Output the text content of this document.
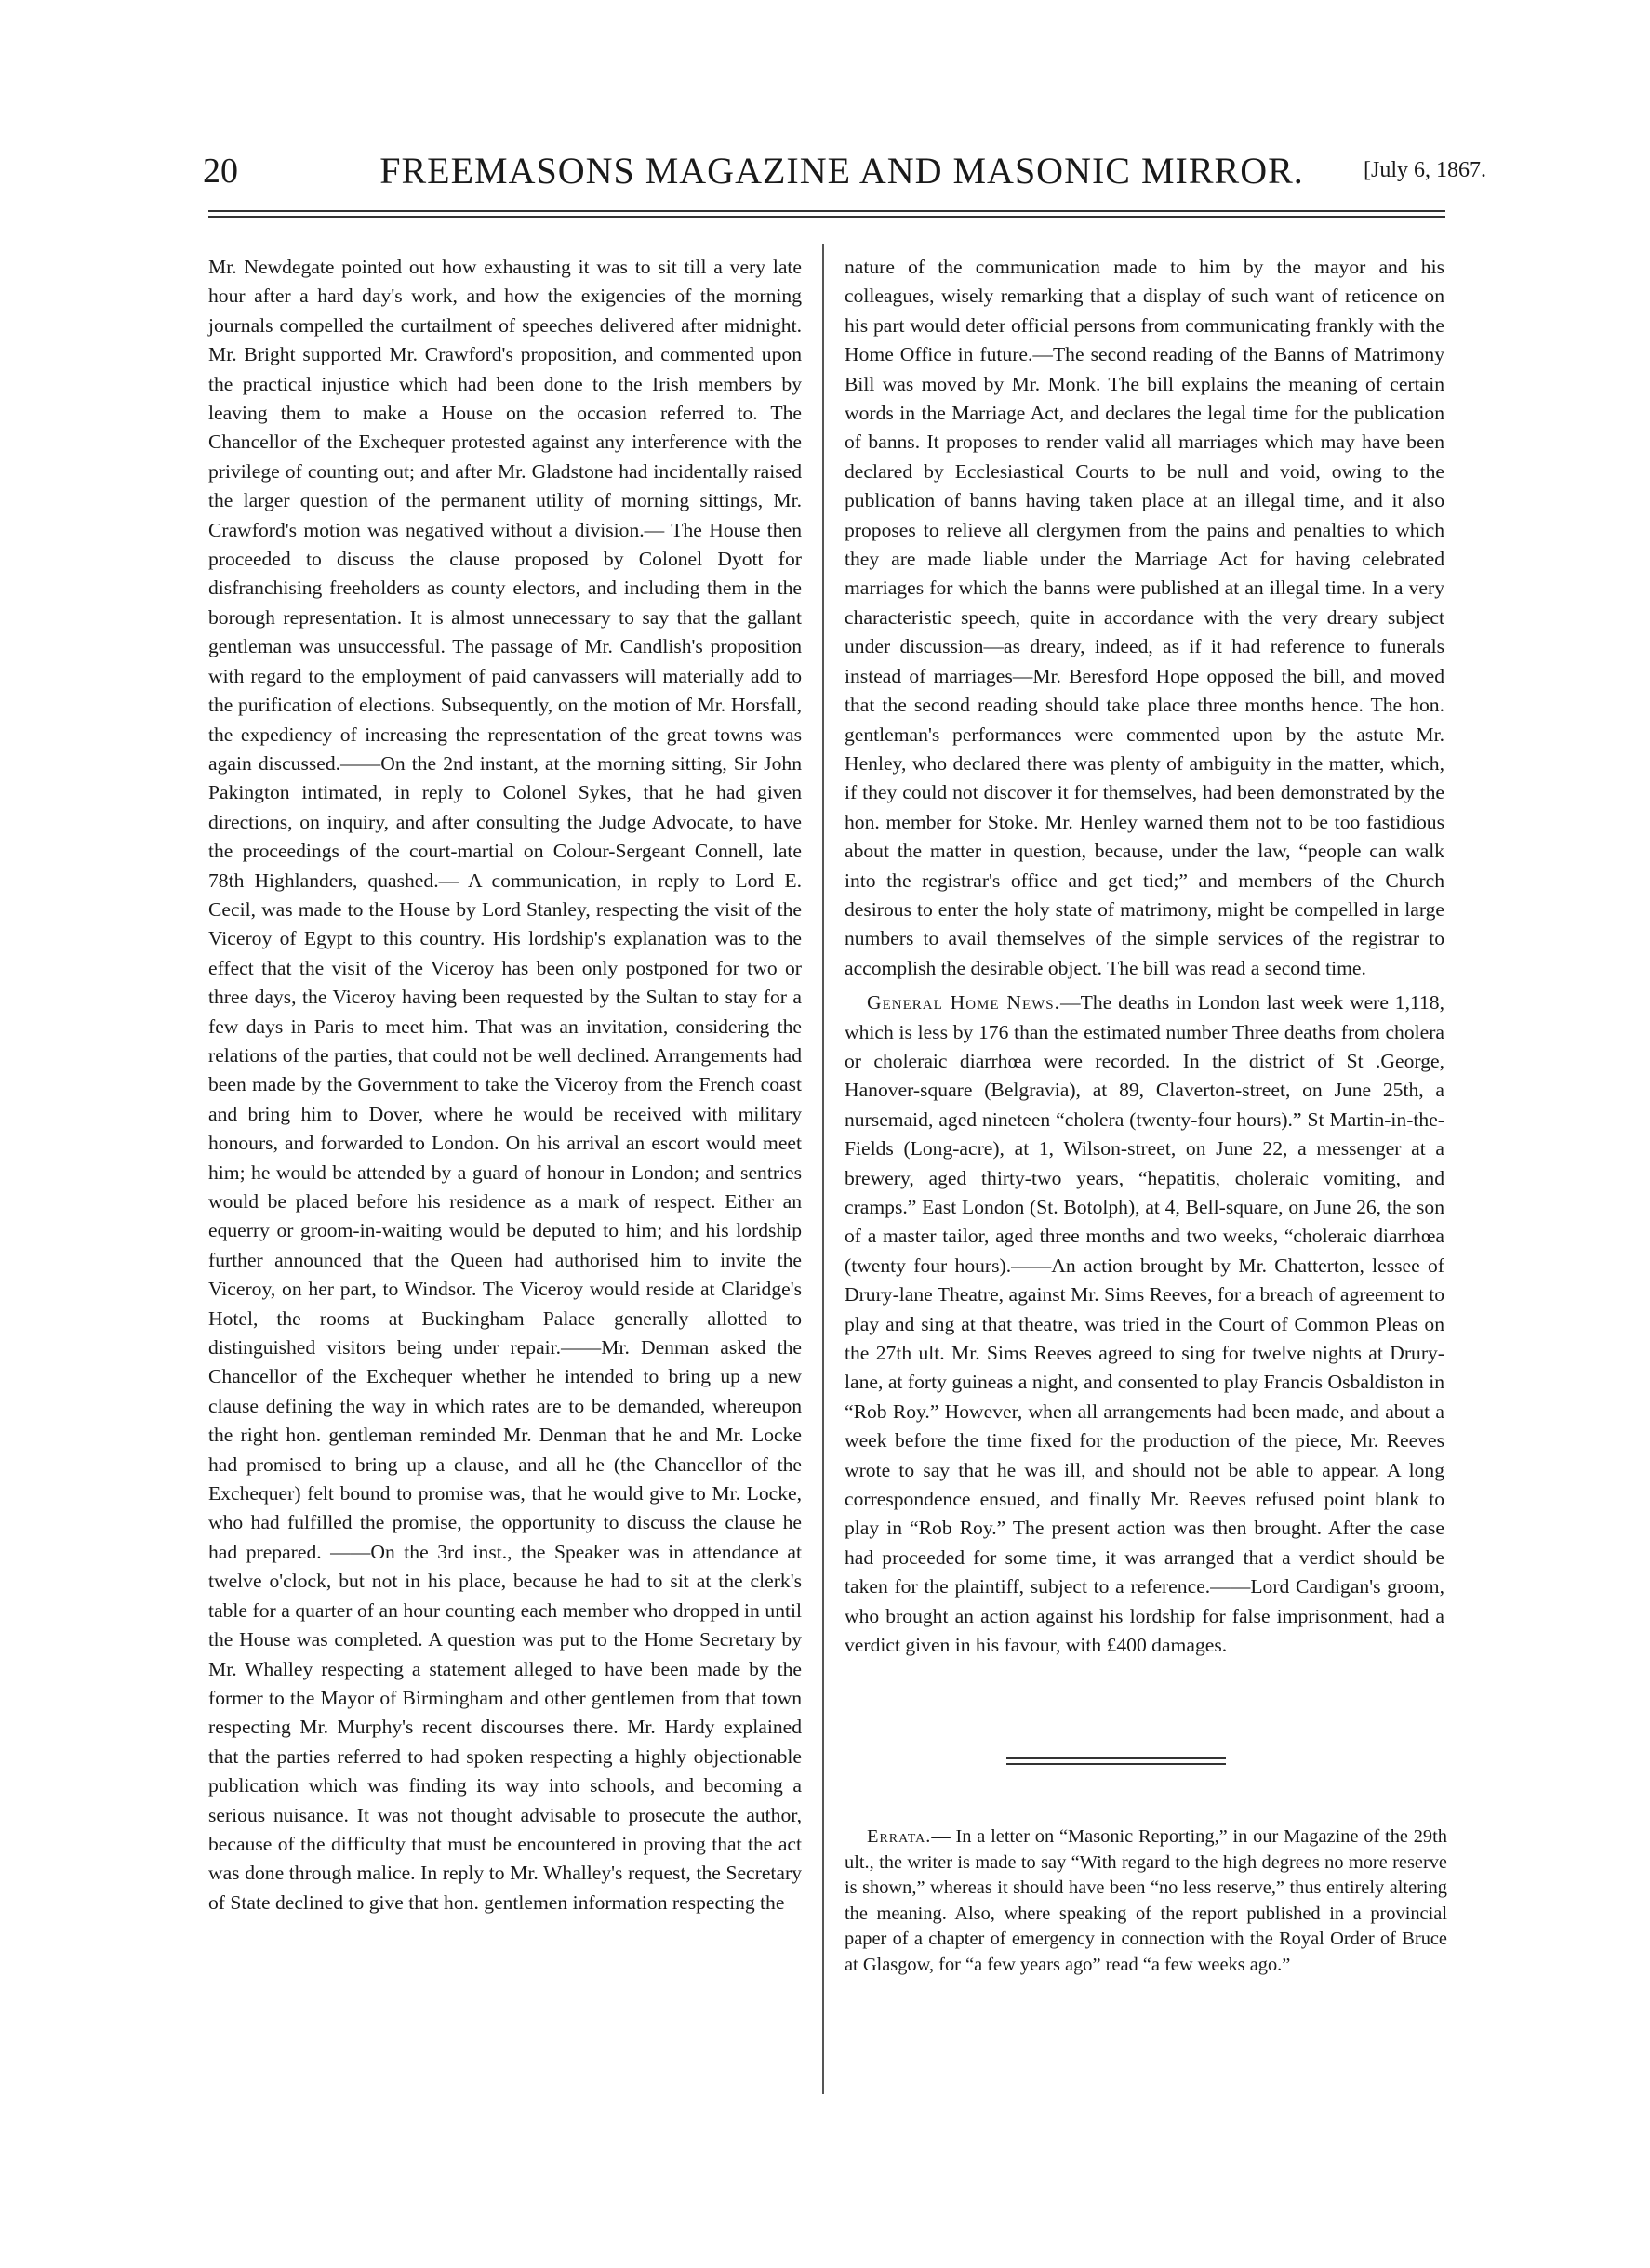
20	FREEMASONS MAGAZINE AND MASONIC MIRROR.	[July 6, 1867.

Mr. Newdegate pointed out how exhausting it was to sit till a very late hour after a hard day's work, and how the exigencies of the morning journals compelled the curtailment of speeches delivered after midnight. Mr. Bright supported Mr. Crawford's proposition, and commented upon the practical injustice which had been done to the Irish members by leaving them to make a House on the occasion referred to. The Chancellor of the Exchequer protested against any interference with the privilege of counting out; and after Mr. Gladstone had incidentally raised the larger question of the permanent utility of morning sittings, Mr. Crawford's motion was negatived without a division.— The House then proceeded to discuss the clause proposed by Colonel Dyott for disfranchising freeholders as county electors, and including them in the borough representation. It is almost unnecessary to say that the gallant gentleman was unsuccessful. The passage of Mr. Candlish's proposition with regard to the employment of paid canvassers will materially add to the purification of elections. Subsequently, on the motion of Mr. Horsfall, the expediency of increasing the representation of the great towns was again discussed.——On the 2nd instant, at the morning sitting, Sir John Pakington intimated, in reply to Colonel Sykes, that he had given directions, on inquiry, and after consulting the Judge Advocate, to have the proceedings of the court-martial on Colour-Sergeant Connell, late 78th Highlanders, quashed.— A communication, in reply to Lord E. Cecil, was made to the House by Lord Stanley, respecting the visit of the Viceroy of Egypt to this country. His lordship's explanation was to the effect that the visit of the Viceroy has been only postponed for two or three days, the Viceroy having been requested by the Sultan to stay for a few days in Paris to meet him. That was an invitation, considering the relations of the parties, that could not be well declined. Arrangements had been made by the Government to take the Viceroy from the French coast and bring him to Dover, where he would be received with military honours, and forwarded to London. On his arrival an escort would meet him; he would be attended by a guard of honour in London; and sentries would be placed before his residence as a mark of respect. Either an equerry or groom-in-waiting would be deputed to him; and his lordship further announced that the Queen had authorised him to invite the Viceroy, on her part, to Windsor. The Viceroy would reside at Claridge's Hotel, the rooms at Buckingham Palace generally allotted to distinguished visitors being under repair.——Mr. Denman asked the Chancellor of the Exchequer whether he intended to bring up a new clause defining the way in which rates are to be demanded, whereupon the right hon. gentleman reminded Mr. Denman that he and Mr. Locke had promised to bring up a clause, and all he (the Chancellor of the Exchequer) felt bound to promise was, that he would give to Mr. Locke, who had fulfilled the promise, the opportunity to discuss the clause he had prepared. ——On the 3rd inst., the Speaker was in attendance at twelve o'clock, but not in his place, because he had to sit at the clerk's table for a quarter of an hour counting each member who dropped in until the House was completed. A question was put to the Home Secretary by Mr. Whalley respecting a statement alleged to have been made by the former to the Mayor of Birmingham and other gentlemen from that town respecting Mr. Murphy's recent discourses there. Mr. Hardy explained that the parties referred to had spoken respecting a highly objectionable publication which was finding its way into schools, and becoming a serious nuisance. It was not thought advisable to prosecute the author, because of the difficulty that must be encountered in proving that the act was done through malice. In reply to Mr. Whalley's request, the Secretary of State declined to give that hon. gentlemen information respecting the

nature of the communication made to him by the mayor and his colleagues, wisely remarking that a display of such want of reticence on his part would deter official persons from communicating frankly with the Home Office in future.—The second reading of the Banns of Matrimony Bill was moved by Mr. Monk. The bill explains the meaning of certain words in the Marriage Act, and declares the legal time for the publication of banns. It proposes to render valid all marriages which may have been declared by Ecclesiastical Courts to be null and void, owing to the publication of banns having taken place at an illegal time, and it also proposes to relieve all clergymen from the pains and penalties to which they are made liable under the Marriage Act for having celebrated marriages for which the banns were published at an illegal time. In a very characteristic speech, quite in accordance with the very dreary subject under discussion—as dreary, indeed, as if it had reference to funerals instead of marriages—Mr. Beresford Hope opposed the bill, and moved that the second reading should take place three months hence. The hon. gentleman's performances were commented upon by the astute Mr. Henley, who declared there was plenty of ambiguity in the matter, which, if they could not discover it for themselves, had been demonstrated by the hon. member for Stoke. Mr. Henley warned them not to be too fastidious about the matter in question, because, under the law, “people can walk into the registrar's office and get tied;” and members of the Church desirous to enter the holy state of matrimony, might be compelled in large numbers to avail themselves of the simple services of the registrar to accomplish the desirable object. The bill was read a second time.

General Home News.—The deaths in London last week were 1,118, which is less by 176 than the estimated number Three deaths from cholera or choleraic diarrhœa were recorded. In the district of St .George, Hanover-square (Belgravia), at 89, Claverton-street, on June 25th, a nursemaid, aged nineteen “cholera (twenty-four hours).” St Martin-in-the-Fields (Long-acre), at 1, Wilson-street, on June 22, a messenger at a brewery, aged thirty-two years, “hepatitis, choleraic vomiting, and cramps.” East London (St. Botolph), at 4, Bell-square, on June 26, the son of a master tailor, aged three months and two weeks, “choleraic diarrhœa (twenty four hours).——An action brought by Mr. Chatterton, lessee of Drury-lane Theatre, against Mr. Sims Reeves, for a breach of agreement to play and sing at that theatre, was tried in the Court of Common Pleas on the 27th ult. Mr. Sims Reeves agreed to sing for twelve nights at Drury-lane, at forty guineas a night, and consented to play Francis Osbaldiston in “Rob Roy.” However, when all arrangements had been made, and about a week before the time fixed for the production of the piece, Mr. Reeves wrote to say that he was ill, and should not be able to appear. A long correspondence ensued, and finally Mr. Reeves refused point blank to play in “Rob Roy.” The present action was then brought. After the case had proceeded for some time, it was arranged that a verdict should be taken for the plaintiff, subject to a reference.——Lord Cardigan's groom, who brought an action against his lordship for false imprisonment, had a verdict given in his favour, with £400 damages.

Errata.— In a letter on “Masonic Reporting,” in our Magazine of the 29th ult., the writer is made to say “With regard to the high degrees no more reserve is shown,” whereas it should have been “no less reserve,” thus entirely altering the meaning. Also, where speaking of the report published in a provincial paper of a chapter of emergency in connection with the Royal Order of Bruce at Glasgow, for “a few years ago” read “a few weeks ago.”
